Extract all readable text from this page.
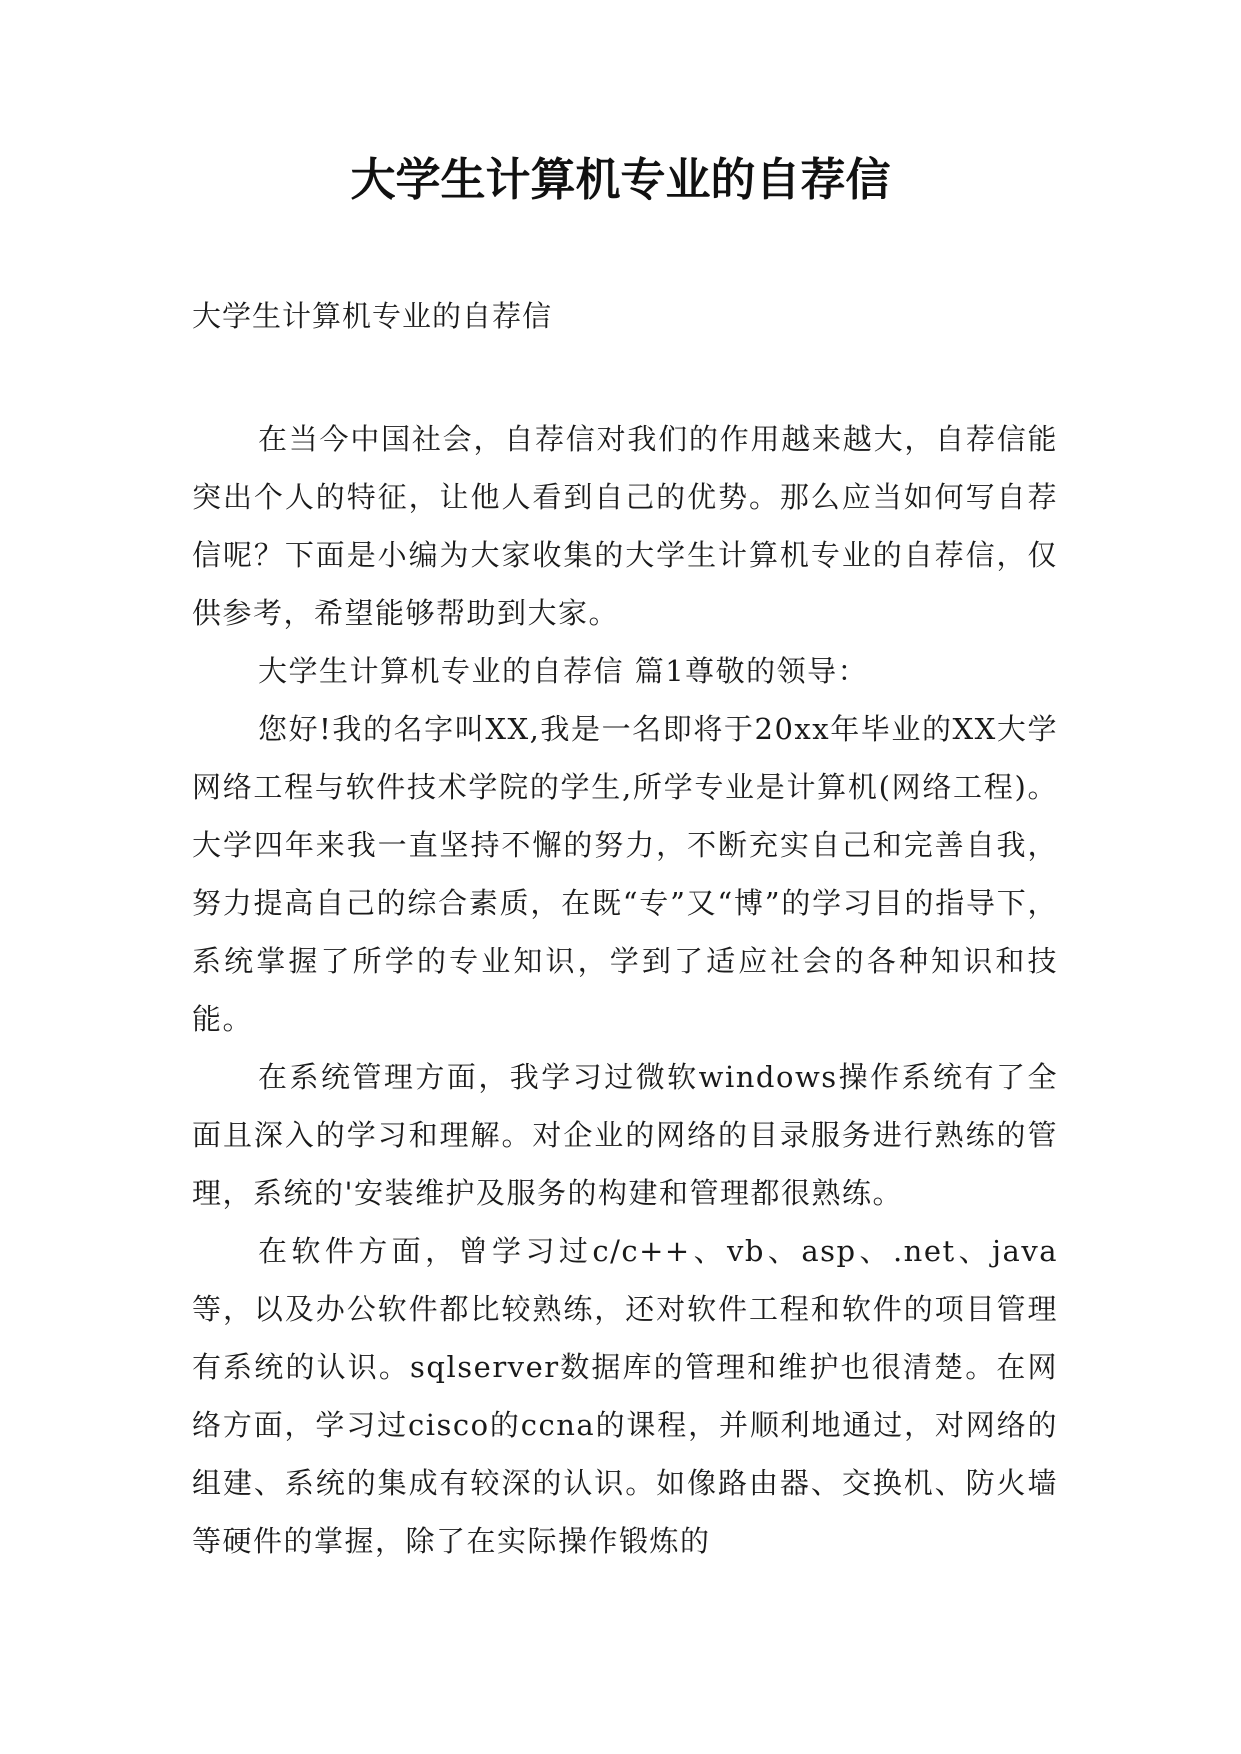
大学生计算机专业的自荐信

大学生计算机专业的自荐信

在当今中国社会，自荐信对我们的作用越来越大，自荐信能突出个人的特征，让他人看到自己的优势。那么应当如何写自荐信呢？下面是小编为大家收集的大学生计算机专业的自荐信，仅供参考，希望能够帮助到大家。

大学生计算机专业的自荐信 篇1尊敬的领导：

您好!我的名字叫XX,我是一名即将于20xx年毕业的XX大学网络工程与软件技术学院的学生,所学专业是计算机(网络工程)。大学四年来我一直坚持不懈的努力，不断充实自己和完善自我，努力提高自己的综合素质，在既“专”又“博”的学习目的指导下，系统掌握了所学的专业知识，学到了适应社会的各种知识和技能。

在系统管理方面，我学习过微软windows操作系统有了全面且深入的学习和理解。对企业的网络的目录服务进行熟练的管理，系统的'安装维护及服务的构建和管理都很熟练。

在软件方面，曾学习过c/c++、vb、asp、.net、java等，以及办公软件都比较熟练，还对软件工程和软件的项目管理有系统的认识。sqlserver数据库的管理和维护也很清楚。在网络方面，学习过cisco的ccna的课程，并顺利地通过，对网络的组建、系统的集成有较深的认识。如像路由器、交换机、防火墙等硬件的掌握，除了在实际操作锻炼的
